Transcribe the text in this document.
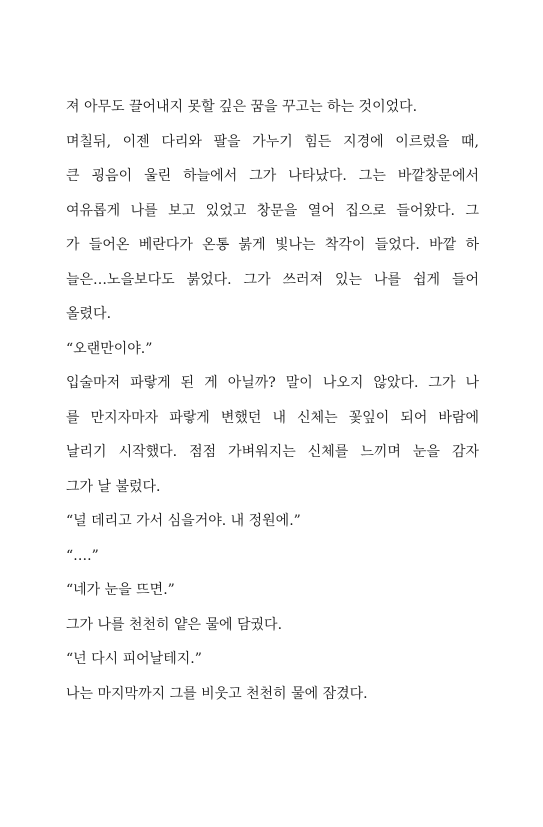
져 아무도 끌어내지 못할 깊은 꿈을 꾸고는 하는 것이었다.
며칠뒤, 이젠 다리와 팔을 가누기 힘든 지경에 이르렀을 때,
큰 굉음이 울린 하늘에서 그가 나타났다. 그는 바깥창문에서
여유롭게 나를 보고 있었고 창문을 열어 집으로 들어왔다. 그
가 들어온 베란다가 온통 붉게 빛나는 착각이 들었다. 바깥 하
늘은…노을보다도 붉었다. 그가 쓰러져 있는 나를 쉽게 들어
올렸다.
“오랜만이야.”
입술마저 파랗게 된 게 아닐까? 말이 나오지 않았다. 그가 나
를 만지자마자 파랗게 변했던 내 신체는 꽃잎이 되어 바람에
날리기 시작했다. 점점 가벼워지는 신체를 느끼며 눈을 감자
그가 날 불렀다.
“널 데리고 가서 심을거야. 내 정원에.”
“….”
“네가 눈을 뜨면.”
그가 나를 천천히 얕은 물에 담궜다.
“넌 다시 피어날테지.”
나는 마지막까지 그를 비웃고 천천히 물에 잠겼다.
